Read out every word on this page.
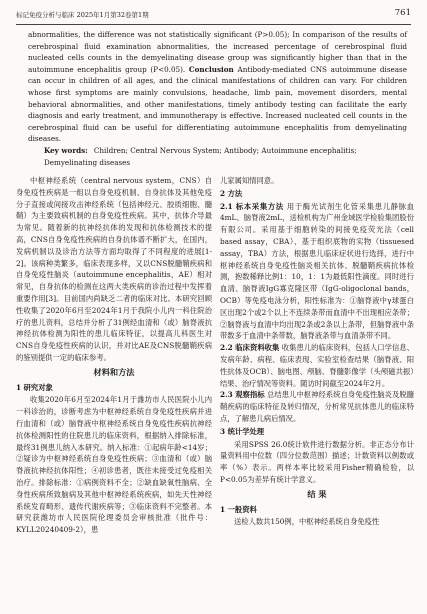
标记免疫分析与临床 2025年1月第32卷第1期	761
abnormalities, the difference was not statistically significant (P>0.05); In comparison of the results of cerebrospinal fluid examination abnormalities, the increased percentage of cerebrospinal fluid nucleated cells counts in the demyelinating disease group was significantly higher than that in the autoimmune encephalitis group (P<0.05). Conclusion Antibody-mediated CNS autoimmune disease can occur in children of all ages, and the clinical manifestations of children can vary. For children whose first symptoms are mainly convulsions, headache, limb pain, movement disorders, mental behavioral abnormalities, and other manifestations, timely antibody testing can facilitate the early diagnosis and early treatment, and immunotherapy is effective. Increased nucleated cell counts in the cerebrospinal fluid can be useful for differentiating autoimmune encephalitis from demyelinating diseases.
Key words: Children; Central Nervous System; Antibody; Autoimmune encephalitis; Demyelinating diseases

中枢神经系统（central nervous system，CNS）自身免疫性疾病是一组以自身免疫机制、自身抗体及其他免疫分子直接或间接攻击神经系统（包括神经元、胶质细胞、髓鞘）为主要致病机制的自身免疫性疾病。其中，抗体介导最为常见。随着新的抗神经抗体的发现和抗体检测技术的提高，CNS自身免疫性疾病的自身抗体谱不断扩大，在国内，发病机制以及诊治方法等方面均取得了不同程度的进展[1-2]。该病种类繁多，临床表现多样，又以CNS脱髓鞘疾病和自身免疫性脑炎（autoimmune encephalitis，AE）相对常见，自身抗体的检测在这两大类疾病的诊治过程中发挥着重要作用[3]。目前国内尚缺乏二者的临床对比。本研究回顾性收集了2020年6月至2024年1月于我院小儿内一科住院治疗的患儿资料，总结并分析了31例经血清和（或）脑脊液抗神经抗体检测为阳性的患儿临床特征，以提高儿科医生对CNS自身免疫性疾病的认识，并对比AE及CNS脱髓鞘疾病的鉴别提供一定的临床参考。

材料和方法

1 研究对象

收集2020年6月至2024年1月于潍坊市人民医院小儿内一科诊治的，诊断考虑为中枢神经系统自身免疫性疾病并进行血清和（或）脑脊液中枢神经系统自身免疫性疾病抗神经抗体检测阳性的住院患儿的临床资料，根据纳入排除标准，最终31例患儿纳入本研究。纳入标准：①起病年龄<14岁；②疑诊为中枢神经系统自身免疫性疾病；③血清和（或）脑脊液抗神经抗体阳性；④初诊患者，既往未接受过免疫相关治疗。排除标准：①病例资料不全；②缺血缺氧性脑病、全身性疾病所致脑病及其他中枢神经系统疾病，如先天性神经系统发育畸形、遗传代谢疾病等；③临床资料不完整者。本研究获潍坊市人民医院伦理委员会审核批准（批件号：KYLL20240409-2），患

儿家属知情同意。

2 方法

2.1 标本采集方法 用于酶光试剂生化管采集患儿静脉血4mL、脑脊液2mL，送检机构为广州金域医学检验集团股份有限公司。采用基于细胞转染的间接免疫荧光法（cell based assay，CBA）、基于组织底物的实物（tissuesed assay，TBA）方法，根据患儿临床症状进行选择，进行中枢神经系统自身免疫性脑炎相关抗体、脱髓鞘疾病抗体检测，抱数稀释比例1：10，1：1为最低阳性滴度。同时进行血清、脑脊液IgG寡克隆区带（IgG-oligoclonal bands，OCB）等免疫电泳分析，阳性标准为：①脑脊液中γ球蛋白区出现2个或2个以上不连续条带而血清中不出现相应条带；②脑脊液与血清中均出现2条或2条以上条带，但脑脊液中条带数多于血清中条带数，脑脊液条带与血清条带不同。

2.2 临床资料收集 收集患儿的临床资料，包括人口学信息、发病年龄、病程、临床表现、实验室检查结果（脑脊液、阳性抗体及OCB）、脑电图、颅脑、脊髓影像学（头颅磁共振）结果、治疗情况等资料。随访时间截至2024年2月。

2.3 观察指标 总结患儿中枢神经系统自身免疫性脑炎及脱髓鞘疾病的临床特征及转归情况，分析常见抗体患儿的临床特点，了解患儿病后情况。

3 统计学处理

采用SPSS 26.0统计软件进行数据分析。非正态分布计量资料用中位数（四分位数范围）描述；计数资料以例数或率（%）表示。两样本率比较采用Fisher精确检验，以P<0.05为差异有统计学意义。

结 果

1 一般资料

送检人数共150例，中枢神经系统自身免疫性
